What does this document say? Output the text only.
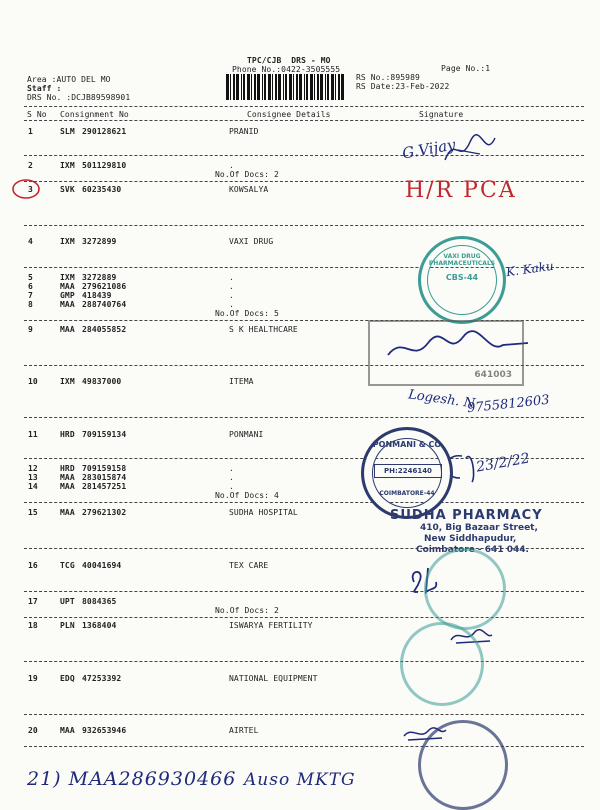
TPC/CJB  DRS - MO
Phone No.:0422-3505555	Page No.:1
Area :AUTO DEL MO
Staff :
DRS No. :DCJB89598901
RS No.:895989
RS Date:23-Feb-2022
S No Consignment No	Consignee Details	Signature
1	SLM 290128621	PRANID
2	IXM 501129810	.
No.Of Docs: 2
3	SVK 60235430	KOWSALYA
4	IXM 3272899	VAXI DRUG
5	IXM 3272889	.
6	MAA 279621086	.
7	GMP 418439	.
8	MAA 288740764	.
No.Of Docs: 5
9	MAA 284055852	S K HEALTHCARE
10	IXM 49837000	ITEMA
11	HRD 709159134	PONMANI
12	HRD 709159158	.
13	MAA 283015874	.
14	MAA 281457251	.
No.Of Docs: 4
15	MAA 279621302	SUDHA HOSPITAL
16	TCG 40041694	TEX CARE
17	UPT 8084365
No.Of Docs: 2
18	PLN 1368404	ISWARYA FERTILITY
19	EDQ 47253392	NATIONAL EQUIPMENT
20	MAA 932653946	AIRTEL
H/R PCA
G.Vijay
K. Kaku
Logesh. N
9755812603
23/2/22
21) MAA286930466 Auso MKTG
VAXI DRUG PHARMACEUTICALS
CBS-44
641003
PONMANI & CO
PH:2246140
COIMBATORE-44
SUDHA PHARMACY
410, Big Bazaar Street,
New Siddhapudur,
Coimbatore - 641 044.
